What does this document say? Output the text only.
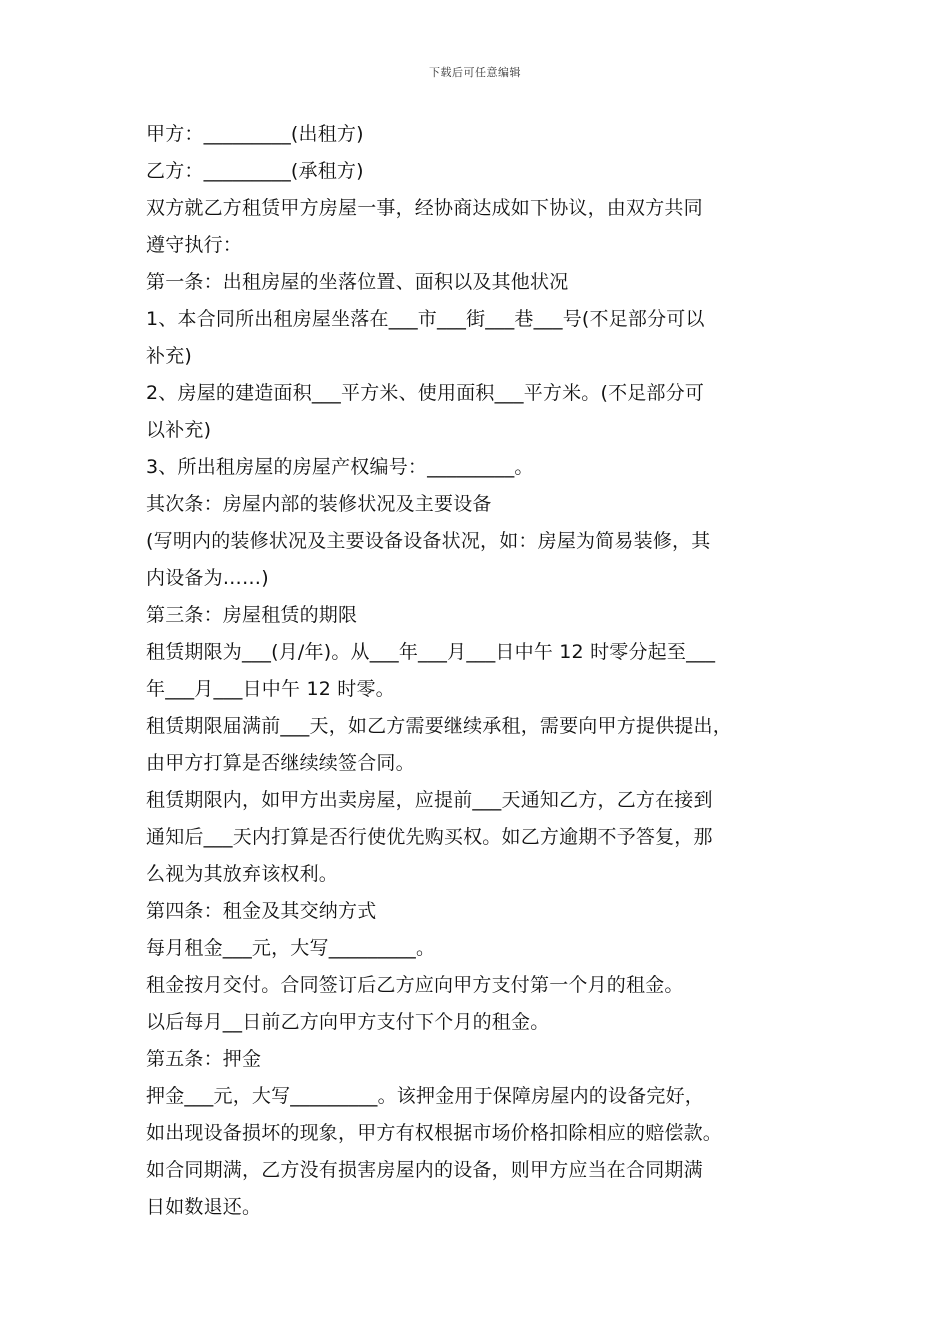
下载后可任意编辑
甲方：_________(出租方)
乙方：_________(承租方)
双方就乙方租赁甲方房屋一事，经协商达成如下协议，由双方共同
遵守执行：
第一条：出租房屋的坐落位置、面积以及其他状况
1、本合同所出租房屋坐落在___市___街___巷___号(不足部分可以
补充)
2、房屋的建造面积___平方米、使用面积___平方米。(不足部分可
以补充)
3、所出租房屋的房屋产权编号：_________。
其次条：房屋内部的装修状况及主要设备
(写明内的装修状况及主要设备设备状况，如：房屋为简易装修，其
内设备为……)
第三条：房屋租赁的期限
租赁期限为___(月/年)。从___年___月___日中午 12 时零分起至___
年___月___日中午 12 时零。
租赁期限届满前___天，如乙方需要继续承租，需要向甲方提供提出，
由甲方打算是否继续续签合同。
租赁期限内，如甲方出卖房屋，应提前___天通知乙方，乙方在接到
通知后___天内打算是否行使优先购买权。如乙方逾期不予答复，那
么视为其放弃该权利。
第四条：租金及其交纳方式
每月租金___元，大写_________。
租金按月交付。合同签订后乙方应向甲方支付第一个月的租金。
以后每月__日前乙方向甲方支付下个月的租金。
第五条：押金
押金___元，大写_________。该押金用于保障房屋内的设备完好，
如出现设备损坏的现象，甲方有权根据市场价格扣除相应的赔偿款。
如合同期满，乙方没有损害房屋内的设备，则甲方应当在合同期满
日如数退还。
